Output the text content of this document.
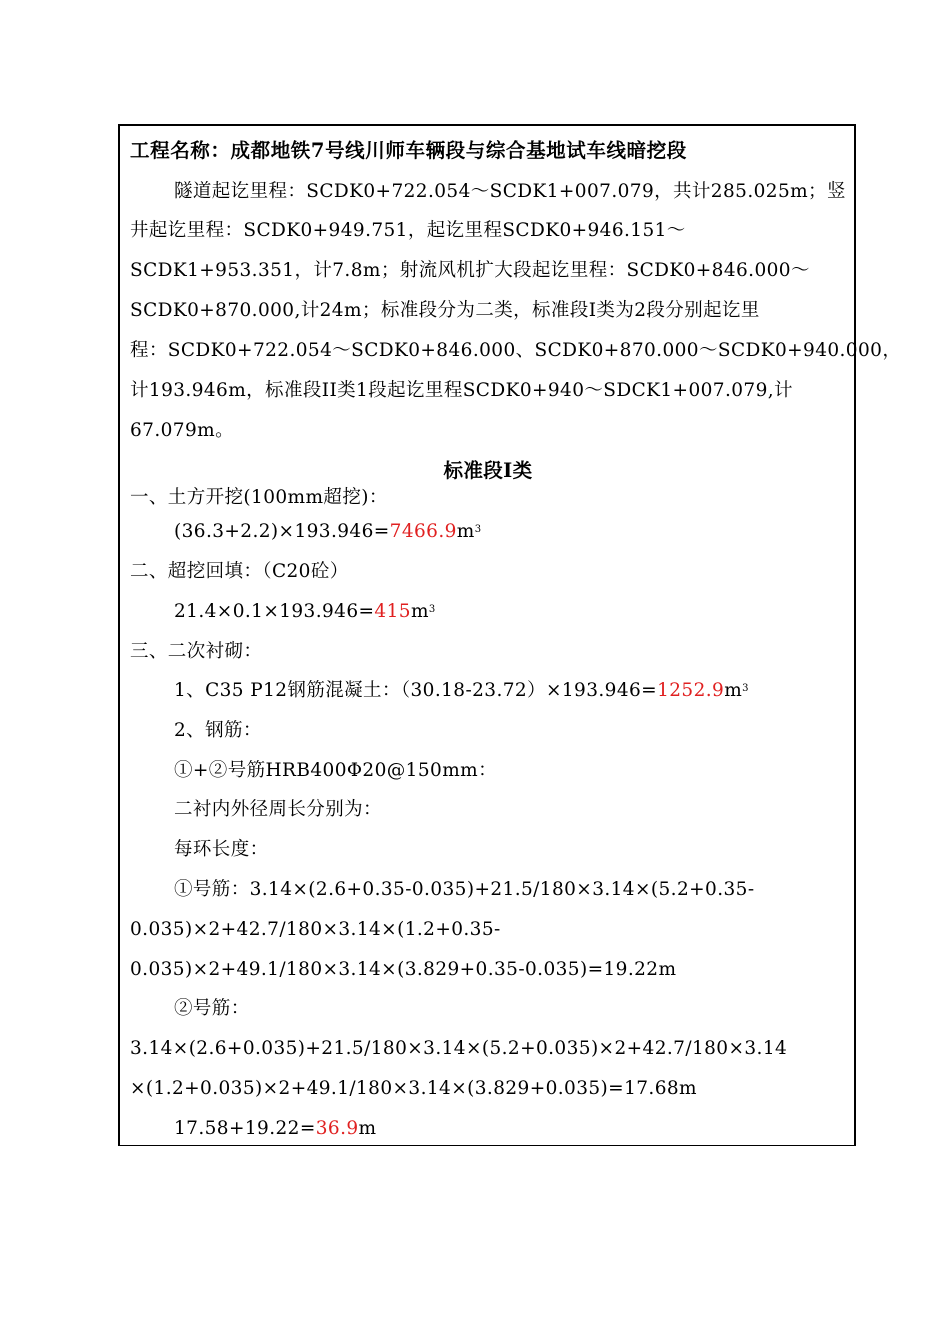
工程名称：成都地铁7号线川师车辆段与综合基地试车线暗挖段
隧道起讫里程：SCDK0+722.054～SCDK1+007.079，共计285.025m；竖
井起讫里程：SCDK0+949.751，起讫里程SCDK0+946.151～
SCDK1+953.351，计7.8m；射流风机扩大段起讫里程：SCDK0+846.000～
SCDK0+870.000,计24m；标准段分为二类，标准段Ⅰ类为2段分别起讫里
程：SCDK0+722.054～SCDK0+846.000、SCDK0+870.000～SCDK0+940.000，
计193.946m，标准段II类1段起讫里程SCDK0+940～SDCK1+007.079,计
67.079m。
标准段I类
一、土方开挖(100mm超挖)：
$(36.3+2.2)\times 193.946=7466.9m^3$
二、超挖回填：（C20砼）
$21.4\times 0.1\times 193.946=415m^3$
三、二次衬砌：
1、C35 P12钢筋混凝土：$(30.18-23.72)\times 193.946=1252.9m^3$
2、钢筋：
①+②号筋HRB400Φ20@150mm：
二衬内外径周长分别为：
每环长度：
①号筋：3.14×(2.6+0.35-0.035)+21.5/180×3.14×(5.2+0.35-
0.035)×2+42.7/180×3.14×(1.2+0.35-
0.035)×2+49.1/180×3.14×(3.829+0.35-0.035)=19.22m
②号筋：
3.14×(2.6+0.035)+21.5/180×3.14×(5.2+0.035)×2+42.7/180×3.14
×(1.2+0.035)×2+49.1/180×3.14×(3.829+0.035)=17.68m
17.58+19.22=36.9m
